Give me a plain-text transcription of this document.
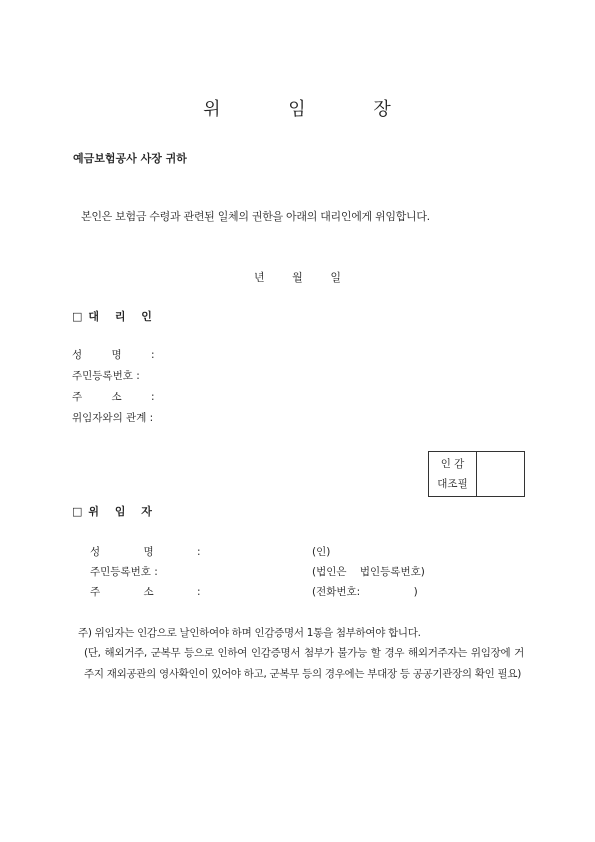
위	임	장
예금보험공사 사장 귀하
본인은 보험금 수령과 관련된 일체의 권한을 아래의 대리인에게 위임합니다.
년	월	일
□대 리 인
성 명 :
주민등록번호 :
주 소 :
위임자와의 관계 :
인 감
대조필

□위 임 자
성 명 :	(인)
주민등록번호 :	(법인은    법인등록번호)
주 소 :	(전화번호:                )
주) 위임자는 인감으로 날인하여야 하며 인감증명서 1통을 첨부하여야 합니다.
(단, 해외거주, 군복무 등으로 인하여 인감증명서 첨부가 불가능 할 경우 해외거주자는 위임장에 거주지 재외공관의 영사확인이 있어야 하고, 군복무 등의 경우에는 부대장 등 공공기관장의 확인 필요)
